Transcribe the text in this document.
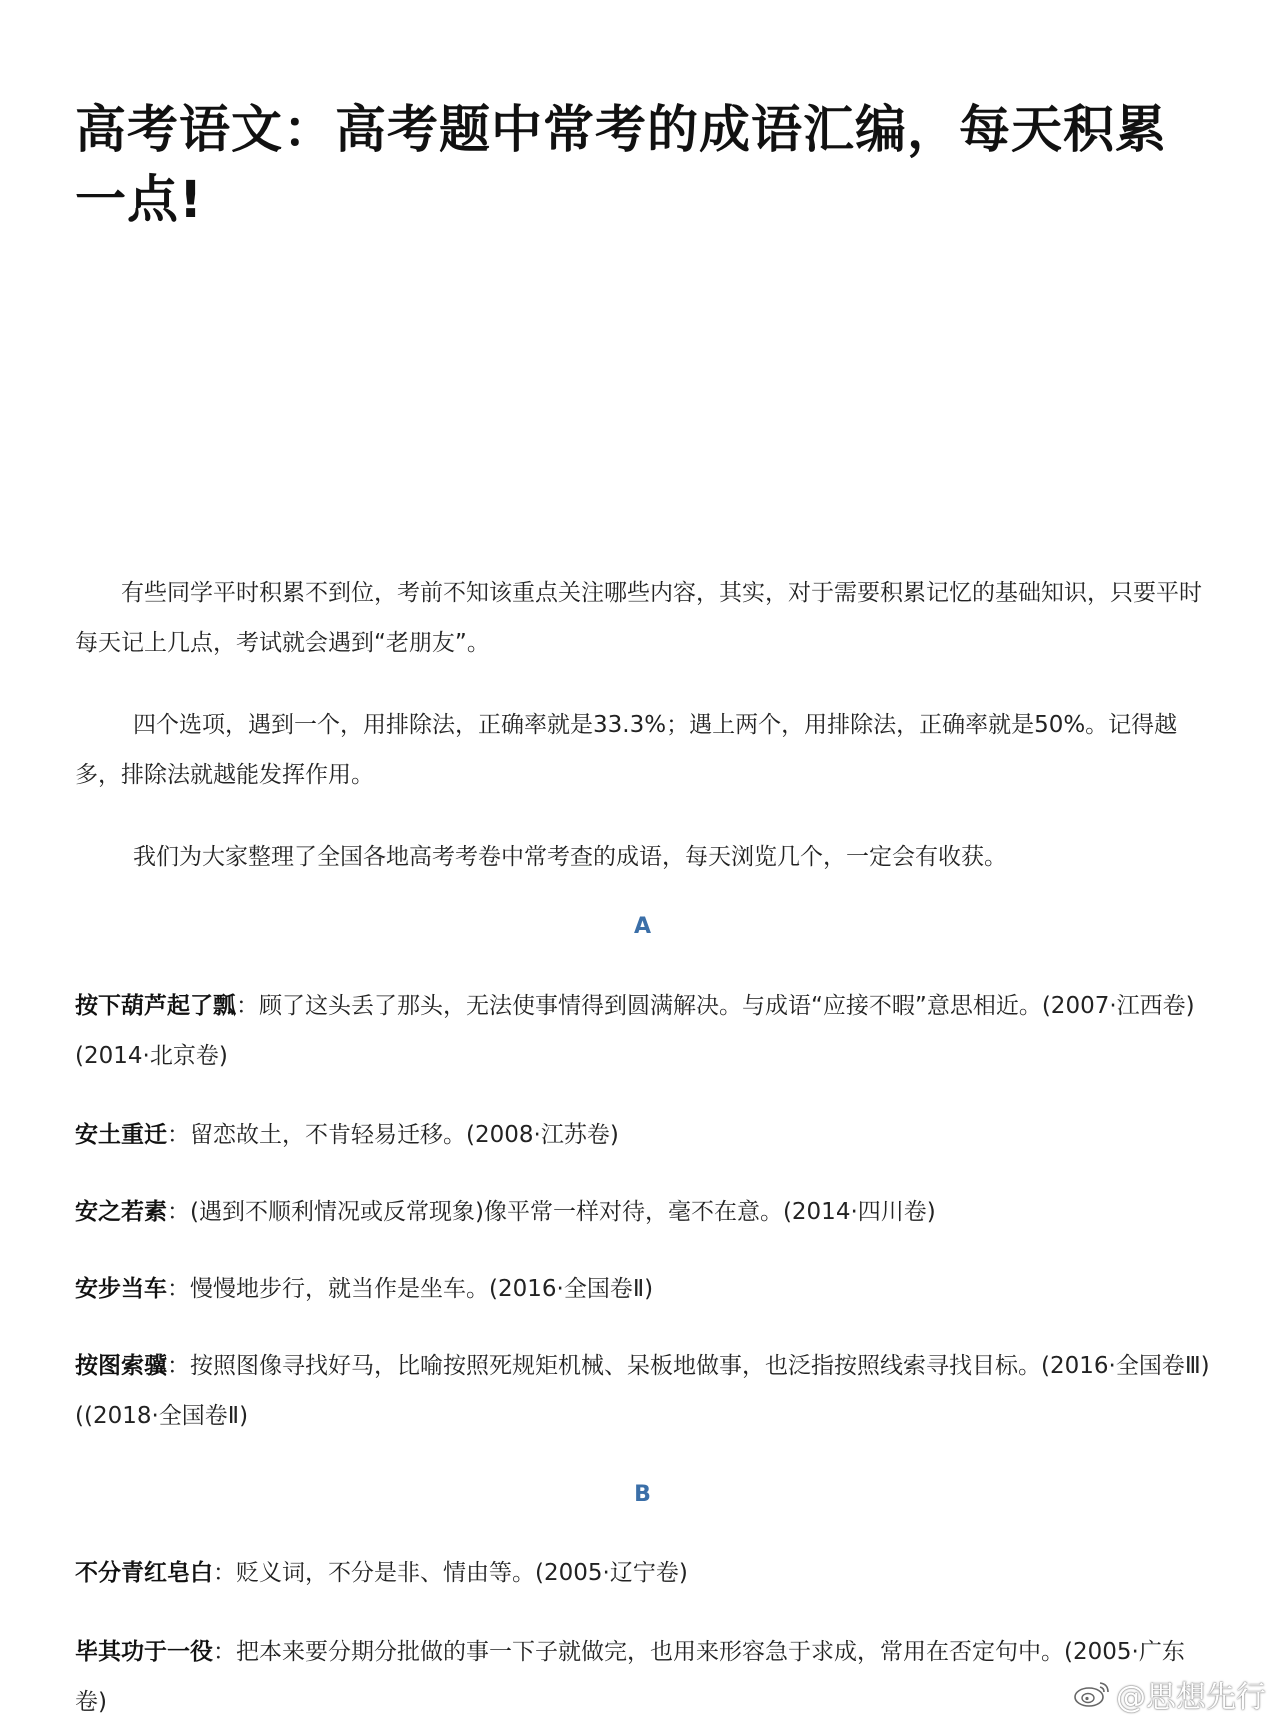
高考语文：高考题中常考的成语汇编，每天积累一点!

有些同学平时积累不到位，考前不知该重点关注哪些内容，其实，对于需要积累记忆的基础知识，只要平时每天记上几点，考试就会遇到“老朋友”。

四个选项，遇到一个，用排除法，正确率就是33.3%；遇上两个，用排除法，正确率就是50%。记得越多，排除法就越能发挥作用。

我们为大家整理了全国各地高考考卷中常考查的成语，每天浏览几个，一定会有收获。

A

按下葫芦起了瓢：顾了这头丢了那头，无法使事情得到圆满解决。与成语“应接不暇”意思相近。(2007·江西卷)(2014·北京卷)

安土重迁：留恋故土，不肯轻易迁移。(2008·江苏卷)

安之若素：(遇到不顺利情况或反常现象)像平常一样对待，毫不在意。(2014·四川卷)

安步当车：慢慢地步行，就当作是坐车。(2016·全国卷Ⅱ)

按图索骥：按照图像寻找好马，比喻按照死规矩机械、呆板地做事，也泛指按照线索寻找目标。(2016·全国卷Ⅲ) ((2018·全国卷Ⅱ)

B

不分青红皂白：贬义词，不分是非、情由等。(2005·辽宁卷)

毕其功于一役：把本来要分期分批做的事一下子就做完，也用来形容急于求成，常用在否定句中。(2005·广东卷)	@思想先行
